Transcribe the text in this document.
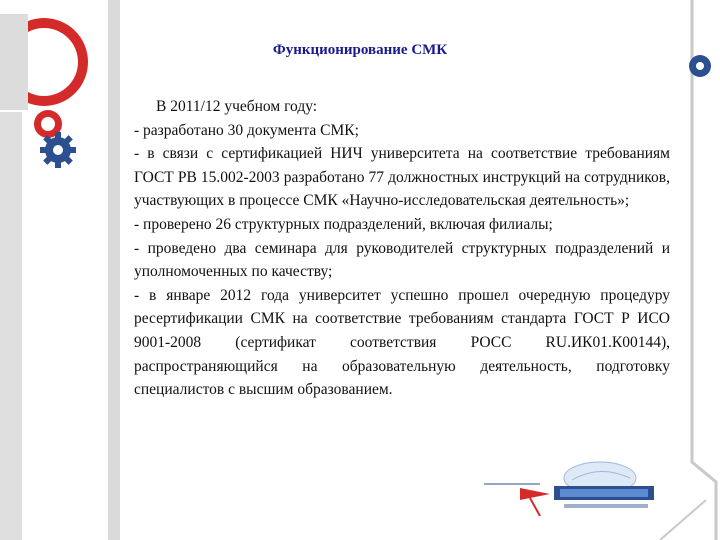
Функционирование СМК

В 2011/12 учебном году:

- разработано 30 документа СМК;

- в связи с сертификацией НИЧ университета на соответствие требованиям ГОСТ РВ 15.002-2003 разработано 77 должностных инструкций на сотрудников, участвующих в процессе СМК «Научно-исследовательская деятельность»;

- проверено 26 структурных подразделений, включая филиалы;

- проведено два семинара для руководителей структурных подразделений и уполномоченных по качеству;

- в январе 2012 года университет успешно прошел очередную процедуру ресертификации СМК на соответствие требованиям стандарта ГОСТ Р ИСО 9001-2008 (сертификат соответствия РОСС RU.ИК01.К00144), распространяющийся на образовательную деятельность, подготовку специалистов с высшим образованием.
